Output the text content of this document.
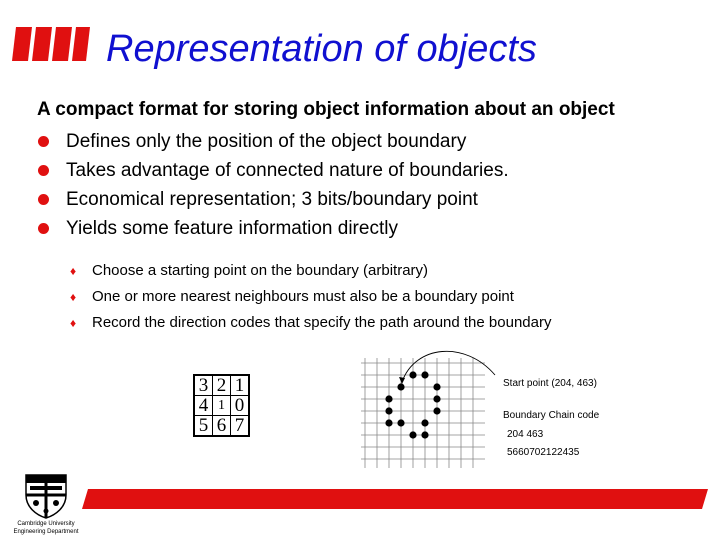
Representation of objects
A compact format for storing object information about an object
Defines only the position of the object boundary
Takes advantage of connected nature of boundaries.
Economical representation; 3 bits/boundary point
Yields some feature information directly
♦	Choose a starting point on the boundary (arbitrary)
♦	One or more nearest neighbours must also be a boundary point
♦	Record the direction codes that specify the path around the boundary
3	2	1
4	1	0
5	6	7
Start point (204, 463)
Boundary Chain code
204 463
5660702122435
Cambridge University
Engineering Department
